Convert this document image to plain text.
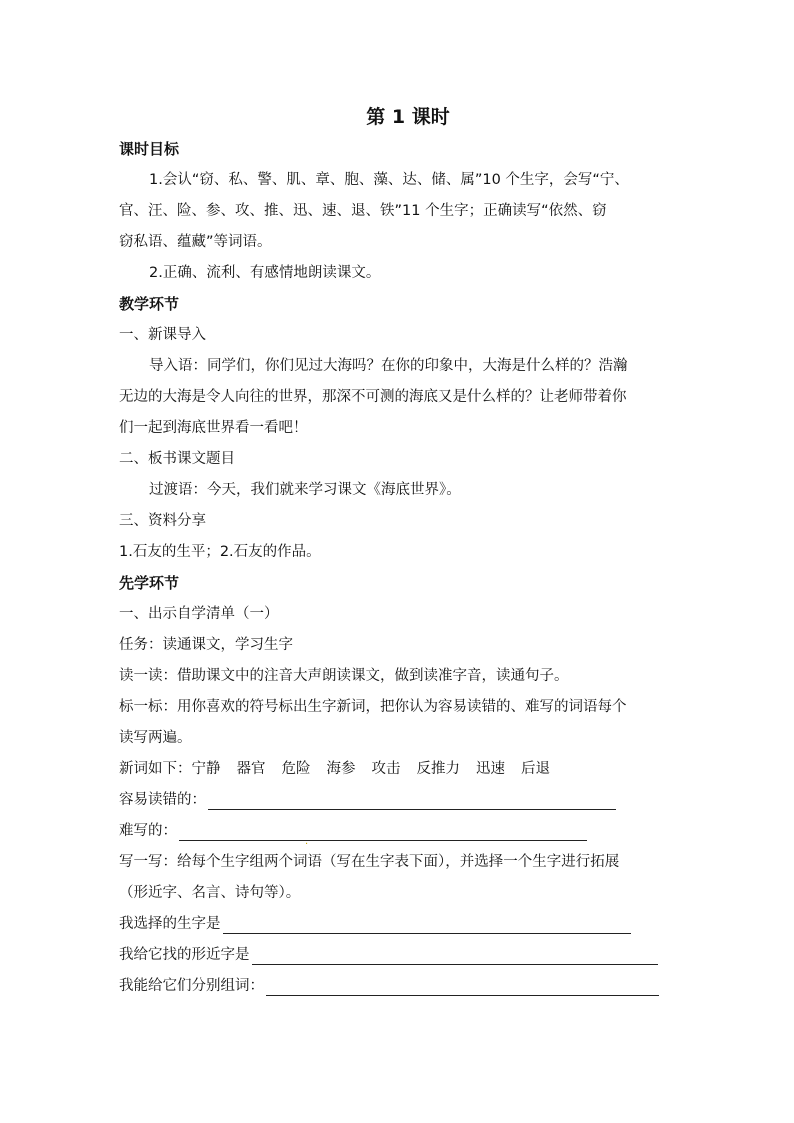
第 1 课时
课时目标
1.会认“窃、私、警、肌、章、胞、藻、达、储、属”10 个生字，会写“宁、
官、汪、险、参、攻、推、迅、速、退、铁”11 个生字；正确读写“依然、窃
窃私语、蕴藏”等词语。
2.正确、流利、有感情地朗读课文。
教学环节
一、新课导入
导入语：同学们，你们见过大海吗？在你的印象中，大海是什么样的？浩瀚
无边的大海是令人向往的世界，那深不可测的海底又是什么样的？让老师带着你
们一起到海底世界看一看吧！
二、板书课文题目
过渡语：今天，我们就来学习课文《海底世界》。
三、资料分享
1.石友的生平；2.石友的作品。
先学环节
一、出示自学清单（一）
任务：读通课文，学习生字
读一读：借助课文中的注音大声朗读课文，做到读准字音，读通句子。
标一标：用你喜欢的符号标出生字新词，把你认为容易读错的、难写的词语每个
读写两遍。
新词如下：宁静 器官 危险 海参 攻击 反推力 迅速 后退
容易读错的：
难写的：
.
写一写：给每个生字组两个词语（写在生字表下面），并选择一个生字进行拓展
（形近字、名言、诗句等）。
我选择的生字是
我给它找的形近字是
我能给它们分别组词：
